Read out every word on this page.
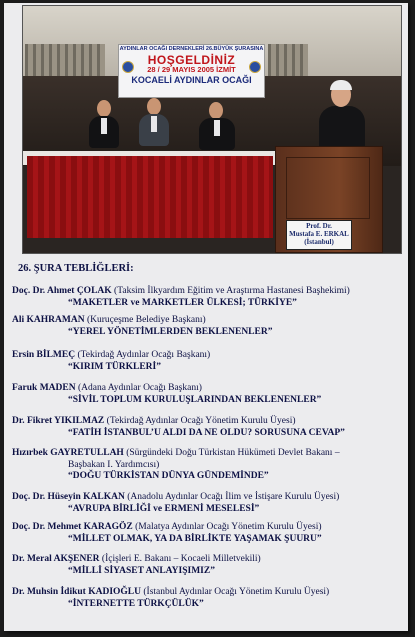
AYDINLAR OCAĞI DERNEKLERİ 26.BÜYÜK ŞURASINA
HOŞGELDİNİZ
28 / 29 MAYIS 2005 İZMİT
KOCAELİ AYDINLAR OCAĞI
Prof. Dr.
Mustafa E. ERKAL
(İstanbul)
26. ŞURA TEBLİĞLERİ:
Doç. Dr. Ahmet ÇOLAK (Taksim İlkyardım Eğitim ve Araştırma Hastanesi Başhekimi)
“MAKETLER ve MARKETLER ÜLKESİ; TÜRKİYE”
Ali KAHRAMAN (Kuruçeşme Belediye Başkanı)
“YEREL YÖNETİMLERDEN BEKLENENLER”
Ersin BİLMEÇ (Tekirdağ Aydınlar Ocağı Başkanı)
“KIRIM TÜRKLERİ”
Faruk MADEN (Adana Aydınlar Ocağı Başkanı)
“SİVİL TOPLUM KURULUŞLARINDAN BEKLENENLER”
Dr. Fikret YIKILMAZ (Tekirdağ Aydınlar Ocağı Yönetim Kurulu Üyesi)
“FATİH İSTANBUL’U ALDI DA NE OLDU? SORUSUNA CEVAP”
Hızırbek GAYRETULLAH (Sürgündeki Doğu Türkistan Hükümeti Devlet Bakanı –
Başbakan I. Yardımcısı)
“DOĞU TÜRKİSTAN DÜNYA GÜNDEMİNDE”
Doç. Dr. Hüseyin KALKAN (Anadolu Aydınlar Ocağı İlim ve İstişare Kurulu Üyesi)
“AVRUPA BİRLİĞİ ve ERMENİ MESELESİ”
Doç. Dr. Mehmet KARAGÖZ (Malatya Aydınlar Ocağı Yönetim Kurulu Üyesi)
“MİLLET OLMAK, YA DA BİRLİKTE YAŞAMAK ŞUURU”
Dr. Meral AKŞENER (İçişleri E. Bakanı – Kocaeli Milletvekili)
“MİLLİ SİYASET ANLAYIŞIMIZ”
Dr. Muhsin İdikut KADIOĞLU (İstanbul Aydınlar Ocağı Yönetim Kurulu Üyesi)
“İNTERNETTE TÜRKÇÜLÜK”
